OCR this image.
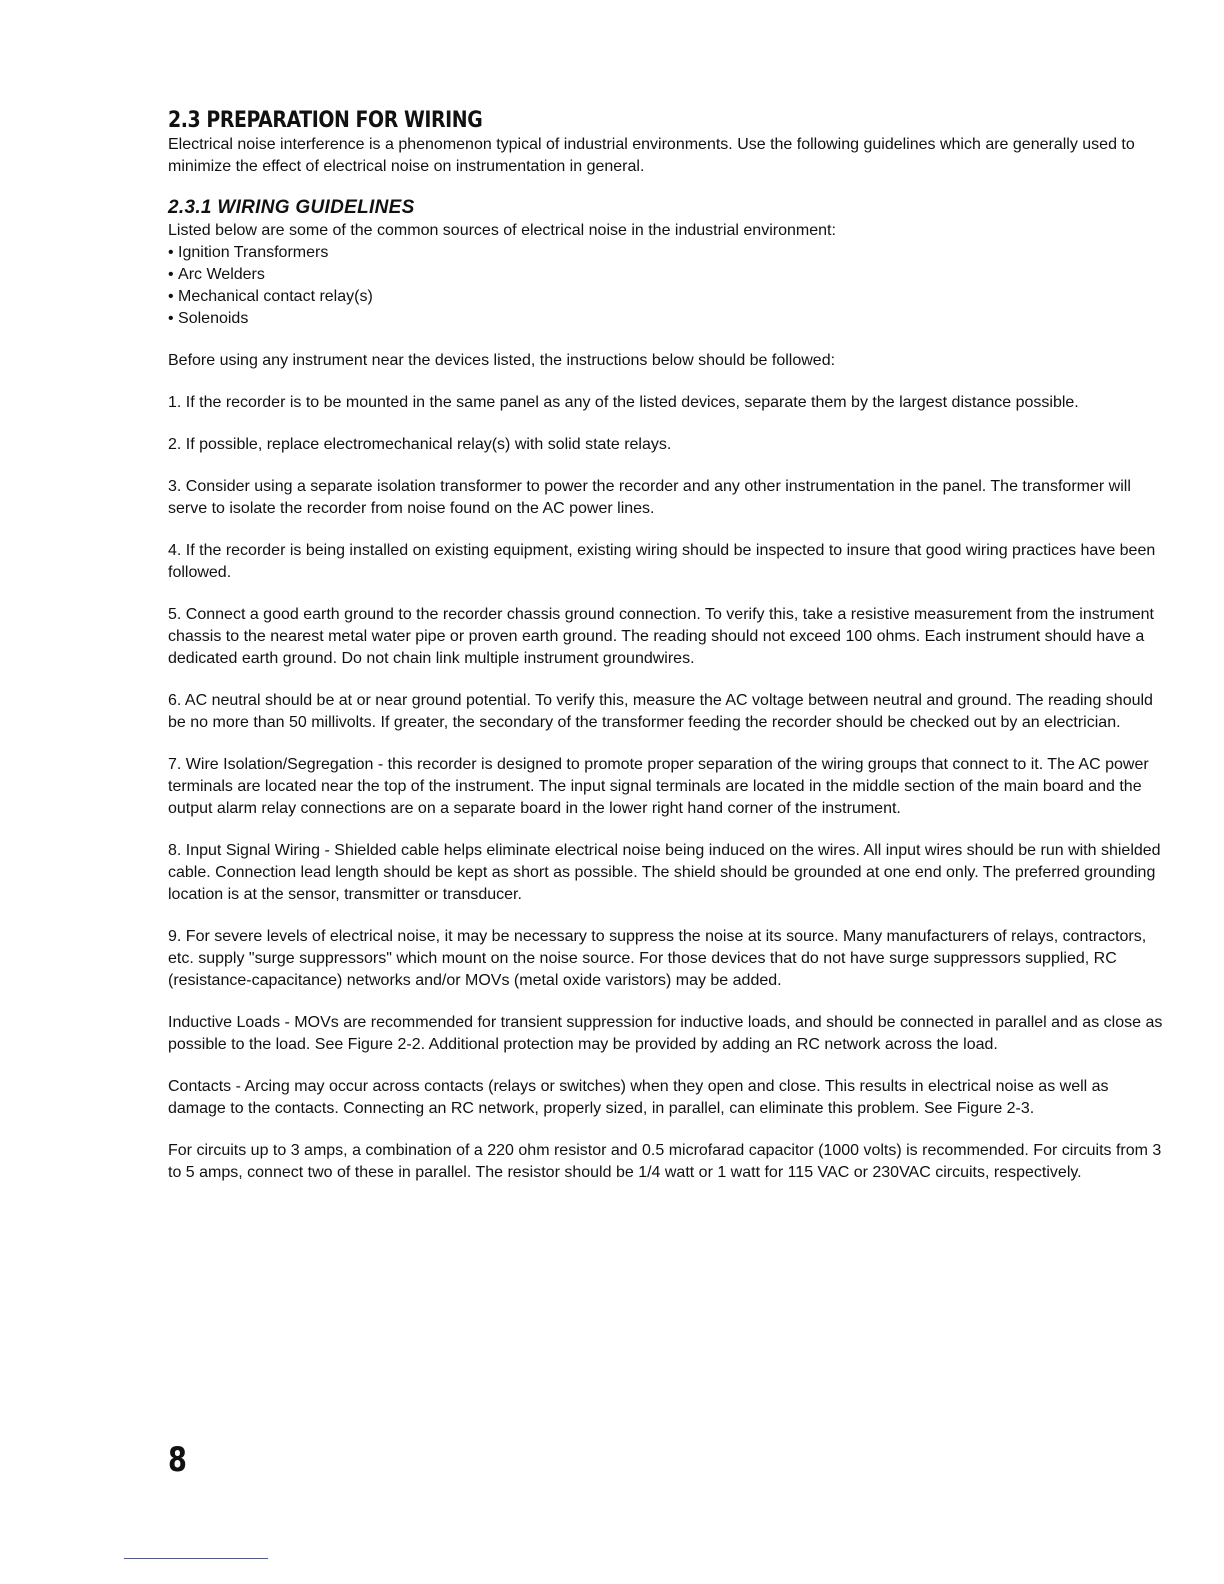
2.3 PREPARATION FOR WIRING

Electrical noise interference is a phenomenon typical of industrial environments. Use the following guidelines which are generally used to minimize the effect of electrical noise on instrumentation in general.

2.3.1 WIRING GUIDELINES

Listed below are some of the common sources of electrical noise in the industrial environment:

• Ignition Transformers
• Arc Welders
• Mechanical contact relay(s)
• Solenoids

Before using any instrument near the devices listed, the instructions below should be followed:

1. If the recorder is to be mounted in the same panel as any of the listed devices, separate them by the largest distance possible.

2. If possible, replace electromechanical relay(s) with solid state relays.

3. Consider using a separate isolation transformer to power the recorder and any other instrumentation in the panel. The transformer will serve to isolate the recorder from noise found on the AC power lines.

4. If the recorder is being installed on existing equipment, existing wiring should be inspected to insure that good wiring practices have been followed.

5. Connect a good earth ground to the recorder chassis ground connection. To verify this, take a resistive measurement from the instrument chassis to the nearest metal water pipe or proven earth ground. The reading should not exceed 100 ohms. Each instrument should have a dedicated earth ground. Do not chain link multiple instrument groundwires.

6. AC neutral should be at or near ground potential. To verify this, measure the AC voltage between neutral and ground. The reading should be no more than 50 millivolts. If greater, the secondary of the transformer feeding the recorder should be checked out by an electrician.

7. Wire Isolation/Segregation - this recorder is designed to promote proper separation of the wiring groups that connect to it. The AC power terminals are located near the top of the instrument. The input signal terminals are located in the middle section of the main board and the output alarm relay connections are on a separate board in the lower right hand corner of the instrument.

8. Input Signal Wiring - Shielded cable helps eliminate electrical noise being induced on the wires. All input wires should be run with shielded cable. Connection lead length should be kept as short as possible. The shield should be grounded at one end only. The preferred grounding location is at the sensor, transmitter or transducer.

9. For severe levels of electrical noise, it may be necessary to suppress the noise at its source. Many manufacturers of relays, contractors, etc. supply "surge suppressors" which mount on the noise source. For those devices that do not have surge suppressors supplied, RC (resistance-capacitance) networks and/or MOVs (metal oxide varistors) may be added.

Inductive Loads - MOVs are recommended for transient suppression for inductive loads, and should be connected in parallel and as close as possible to the load. See Figure 2-2. Additional protection may be provided by adding an RC network across the load.

Contacts - Arcing may occur across contacts (relays or switches) when they open and close. This results in electrical noise as well as damage to the contacts. Connecting an RC network, properly sized, in parallel, can eliminate this problem. See Figure 2-3.

For circuits up to 3 amps, a combination of a 220 ohm resistor and 0.5 microfarad capacitor (1000 volts) is recommended. For circuits from 3 to 5 amps, connect two of these in parallel. The resistor should be 1/4 watt or 1 watt for 115 VAC or 230VAC circuits, respectively.

8
